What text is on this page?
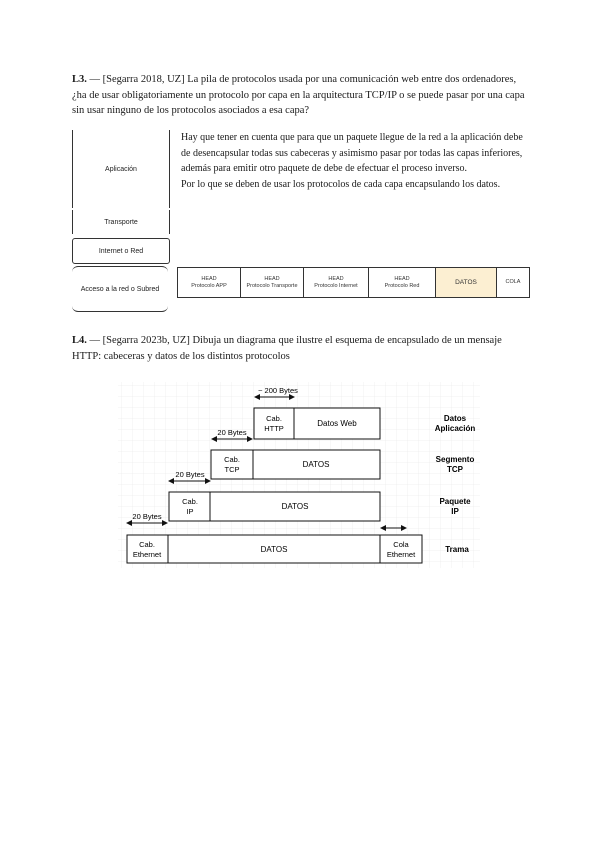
L3. — [Segarra 2018, UZ] La pila de protocolos usada por una comunicación web entre dos ordenadores, ¿ha de usar obligatoriamente un protocolo por capa en la arquitectura TCP/IP o se puede pasar por una capa sin usar ninguno de los protocolos asociados a esa capa?
Aplicación
Transporte
Internet o Red
Acceso a la red o Subred

Hay que tener en cuenta que para que un paquete llegue de la red a la aplicación debe de desencapsular todas sus cabeceras y asimismo pasar por todas las capas inferiores, además para emitir otro paquete de debe de efectuar el proceso inverso.

Por lo que se deben de usar los protocolos de cada capa encapsulando los datos.

HEAD
Protocolo APP
HEAD
Protocolo Transporte
HEAD
Protocolo Internet
HEAD
Protocolo Red	DATOS	COLA
L4. — [Segarra 2023b, UZ] Dibuja un diagrama que ilustre el esquema de encapsulado de un mensaje HTTP: cabeceras y datos de los distintos protocolos
~ 200 Bytes
Cab.
HTTP
Datos Web
Datos
Aplicación
20 Bytes
Cab.
TCP
DATOS
Segmento
TCP
20 Bytes
Cab.
IP
DATOS
Paquete
IP
20 Bytes
Cab.
Ethernet
DATOS
Cola
Ethernet
Trama
